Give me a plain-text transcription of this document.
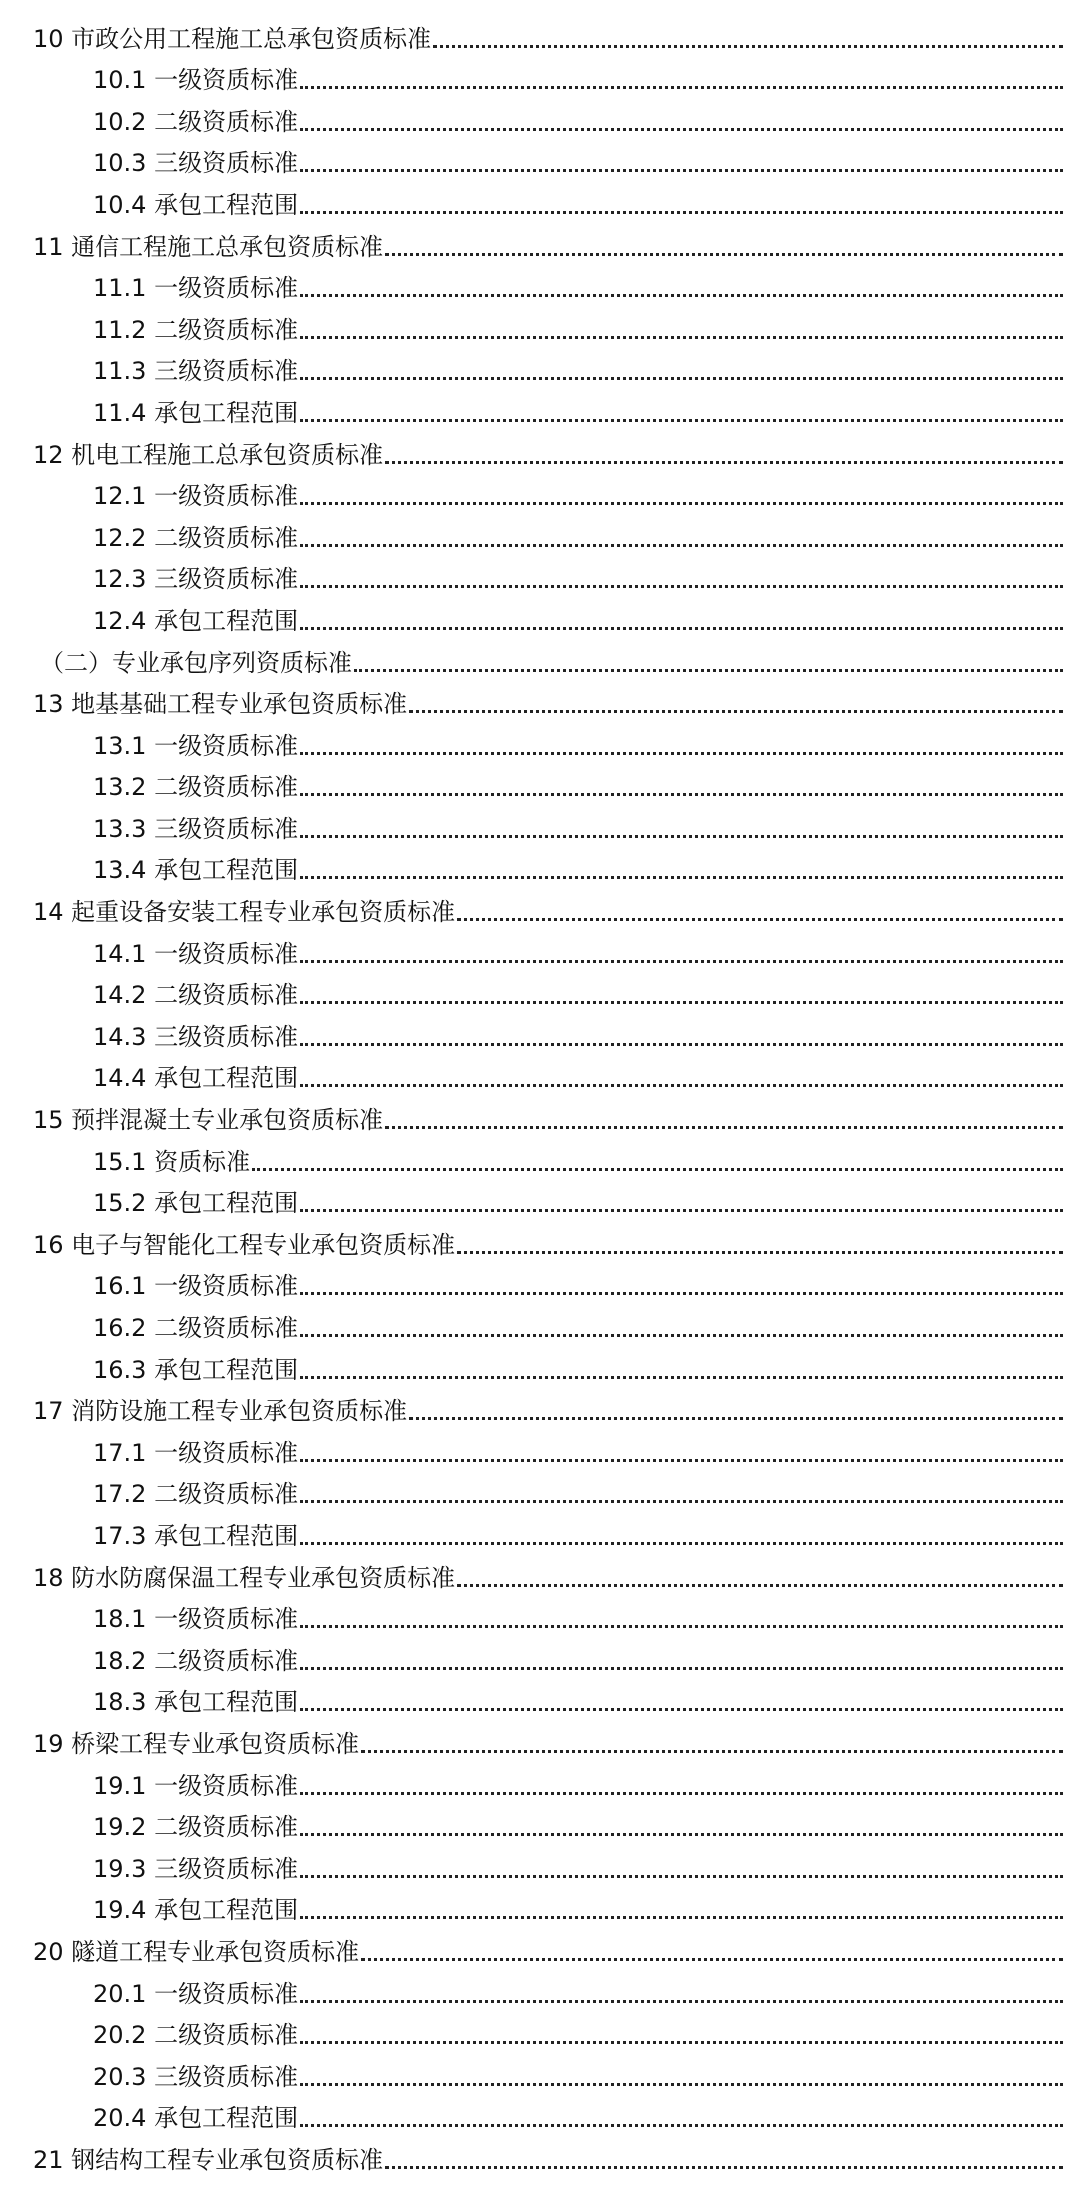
10 市政公用工程施工总承包资质标准
10.1 一级资质标准
10.2 二级资质标准
10.3 三级资质标准
10.4 承包工程范围
11 通信工程施工总承包资质标准
11.1 一级资质标准
11.2 二级资质标准
11.3 三级资质标准
11.4 承包工程范围
12 机电工程施工总承包资质标准
12.1 一级资质标准
12.2 二级资质标准
12.3 三级资质标准
12.4 承包工程范围
（二）专业承包序列资质标准
13 地基基础工程专业承包资质标准
13.1 一级资质标准
13.2 二级资质标准
13.3 三级资质标准
13.4 承包工程范围
14 起重设备安装工程专业承包资质标准
14.1 一级资质标准
14.2 二级资质标准
14.3 三级资质标准
14.4 承包工程范围
15 预拌混凝土专业承包资质标准
15.1 资质标准
15.2 承包工程范围
16 电子与智能化工程专业承包资质标准
16.1 一级资质标准
16.2 二级资质标准
16.3 承包工程范围
17 消防设施工程专业承包资质标准
17.1 一级资质标准
17.2 二级资质标准
17.3 承包工程范围
18 防水防腐保温工程专业承包资质标准
18.1 一级资质标准
18.2 二级资质标准
18.3 承包工程范围
19 桥梁工程专业承包资质标准
19.1 一级资质标准
19.2 二级资质标准
19.3 三级资质标准
19.4 承包工程范围
20 隧道工程专业承包资质标准
20.1 一级资质标准
20.2 二级资质标准
20.3 三级资质标准
20.4 承包工程范围
21 钢结构工程专业承包资质标准
